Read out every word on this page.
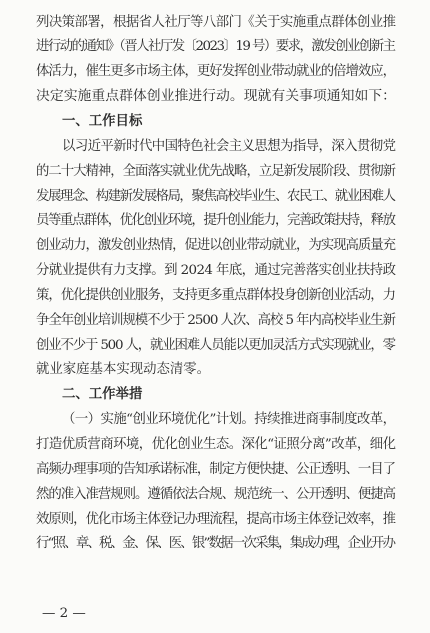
列决策部署，根据省人社厅等八部门《关于实施重点群体创业推
进行动的通知》（晋人社厅发〔2023〕19 号）要求，激发创业创新主
体活力，催生更多市场主体，更好发挥创业带动就业的倍增效应，
决定实施重点群体创业推进行动。现就有关事项通知如下：
一、工作目标
以习近平新时代中国特色社会主义思想为指导，深入贯彻党
的二十大精神，全面落实就业优先战略，立足新发展阶段、贯彻新
发展理念、构建新发展格局，聚焦高校毕业生、农民工、就业困难人
员等重点群体，优化创业环境，提升创业能力，完善政策扶持，释放
创业动力，激发创业热情，促进以创业带动就业，为实现高质量充
分就业提供有力支撑。到 2024 年底，通过完善落实创业扶持政
策，优化提供创业服务，支持更多重点群体投身创新创业活动，力
争全年创业培训规模不少于 2500 人次、高校 5 年内高校毕业生新
创业不少于 500 人，就业困难人员能以更加灵活方式实现就业，零
就业家庭基本实现动态清零。
二、工作举措
（一）实施“创业环境优化”计划。持续推进商事制度改革，
打造优质营商环境，优化创业生态。深化“证照分离”改革，细化
高频办理事项的告知承诺标准，制定方便快捷、公正透明、一目了
然的准入准营规则。遵循依法合规、规范统一、公开透明、便捷高
效原则，优化市场主体登记办理流程，提高市场主体登记效率，推
行“照、章、税、金、保、医、银”数据一次采集，集成办理，企业开办
— 2 —
